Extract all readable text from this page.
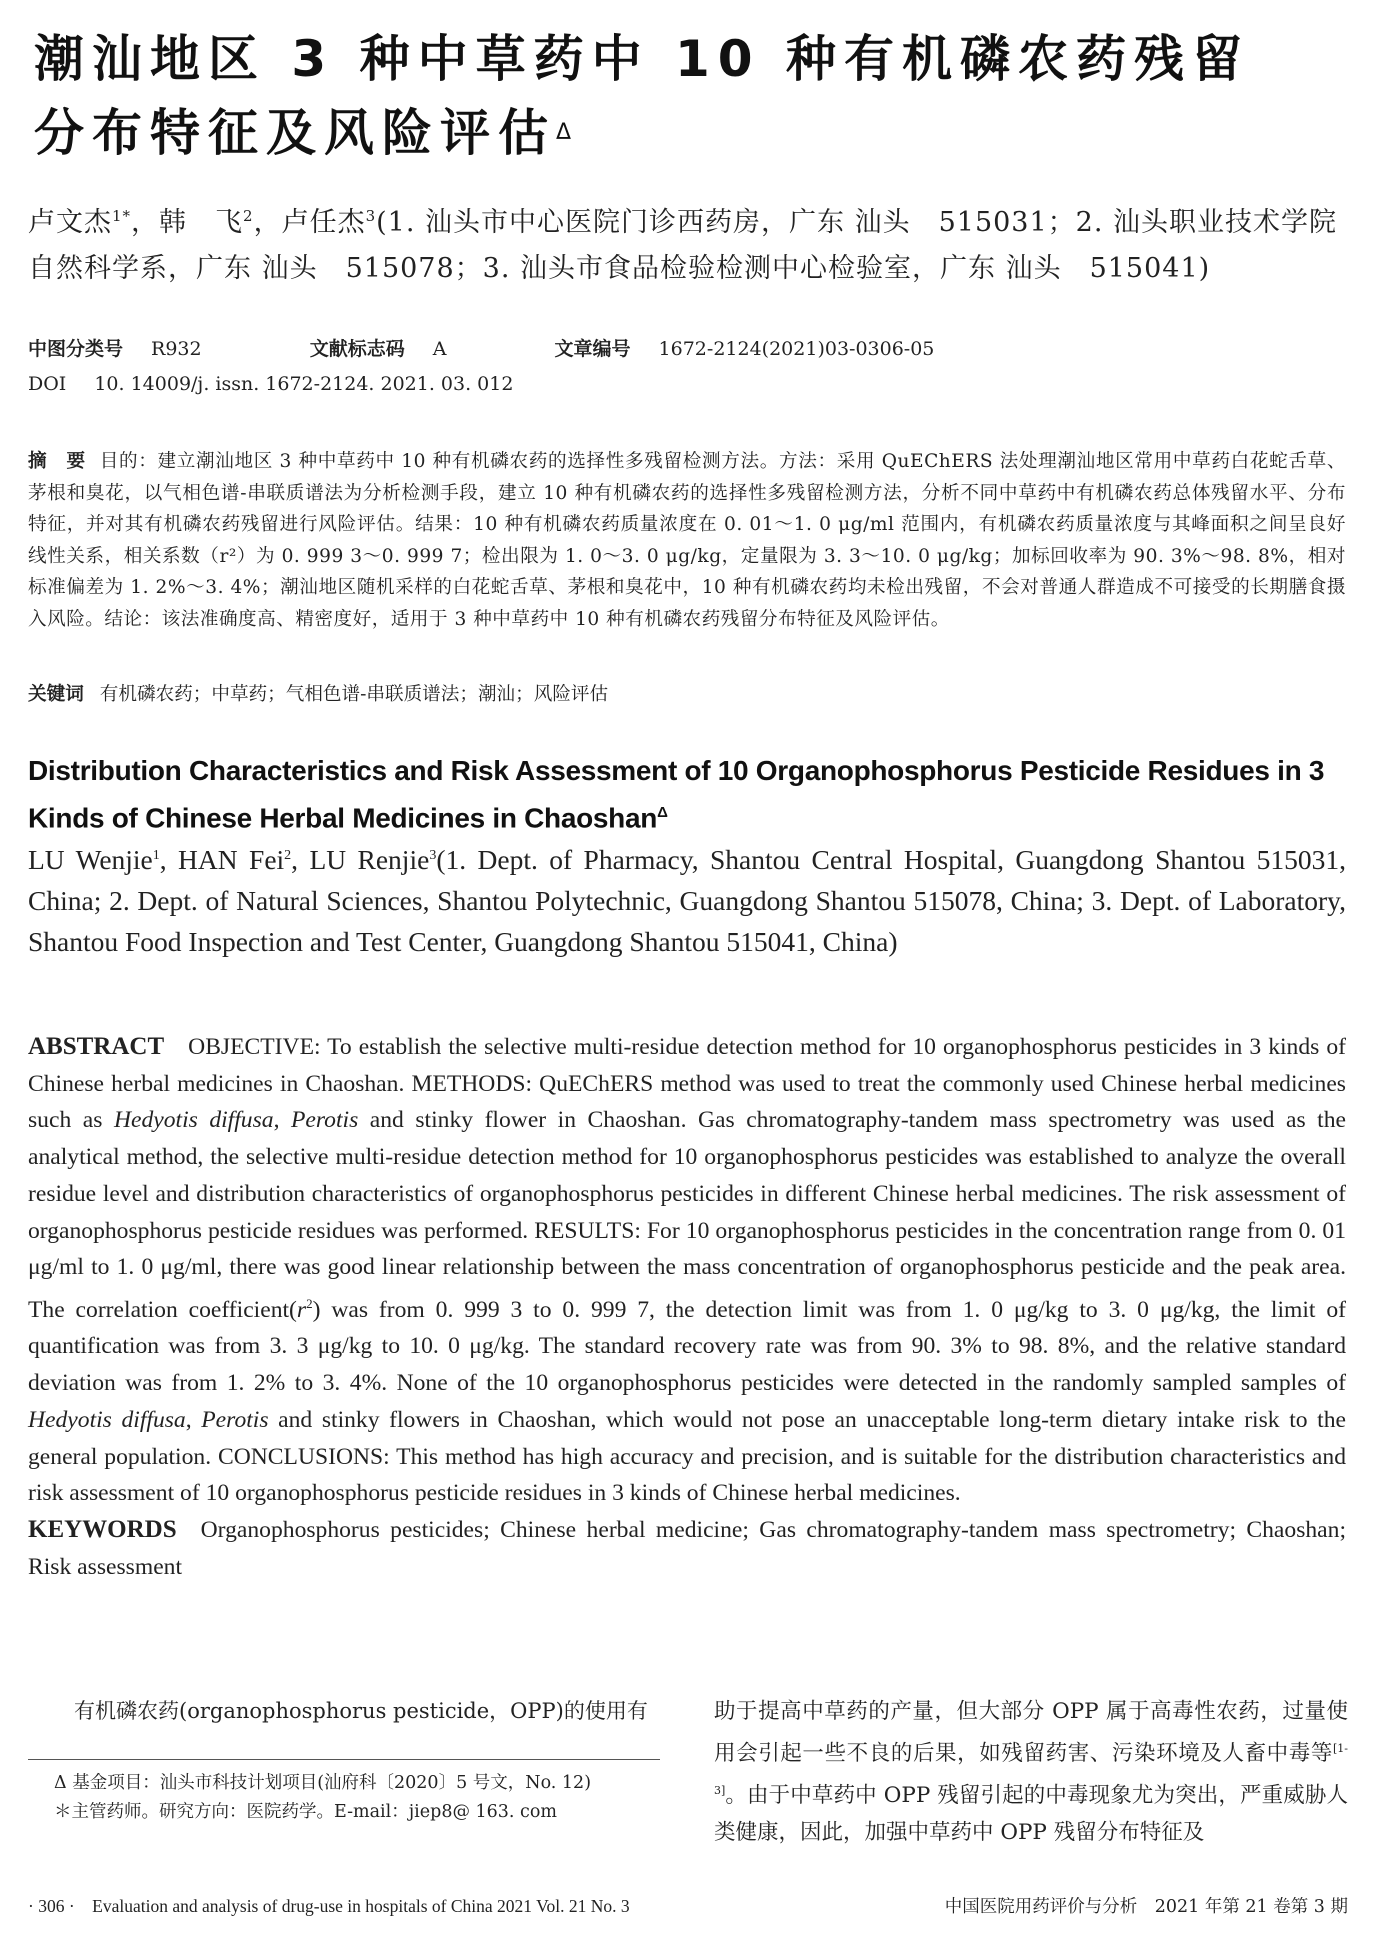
潮汕地区 3 种中草药中 10 种有机磷农药残留
分布特征及风险评估$^\Delta$
卢文杰$^{1*}$，韩　飞$^2$，卢任杰$^3$(1. 汕头市中心医院门诊西药房，广东 汕头　515031；2. 汕头职业技术学院自然科学系，广东 汕头　515078；3. 汕头市食品检验检测中心检验室，广东 汕头　515041)
中图分类号 R932	文献标志码 A	文章编号 1672-2124(2021)03-0306-05
DOI 10. 14009/j. issn. 1672-2124. 2021. 03. 012
摘　要 目的：建立潮汕地区 3 种中草药中 10 种有机磷农药的选择性多残留检测方法。方法：采用 QuEChERS 法处理潮汕地区常用中草药白花蛇舌草、茅根和臭花，以气相色谱-串联质谱法为分析检测手段，建立 10 种有机磷农药的选择性多残留检测方法，分析不同中草药中有机磷农药总体残留水平、分布特征，并对其有机磷农药残留进行风险评估。结果：10 种有机磷农药质量浓度在 0. 01～1. 0 μg/ml 范围内，有机磷农药质量浓度与其峰面积之间呈良好线性关系，相关系数（r²）为 0. 999 3～0. 999 7；检出限为 1. 0～3. 0 μg/kg，定量限为 3. 3～10. 0 μg/kg；加标回收率为 90. 3%～98. 8%，相对标准偏差为 1. 2%～3. 4%；潮汕地区随机采样的白花蛇舌草、茅根和臭花中，10 种有机磷农药均未检出残留，不会对普通人群造成不可接受的长期膳食摄入风险。结论：该法准确度高、精密度好，适用于 3 种中草药中 10 种有机磷农药残留分布特征及风险评估。
关键词 有机磷农药；中草药；气相色谱-串联质谱法；潮汕；风险评估
Distribution Characteristics and Risk Assessment of 10 Organophosphorus Pesticide Residues in 3 Kinds of Chinese Herbal Medicines in Chaoshan$^\Delta$
LU Wenjie$^1$, HAN Fei$^2$, LU Renjie$^3$(1. Dept. of Pharmacy, Shantou Central Hospital, Guangdong Shantou 515031, China; 2. Dept. of Natural Sciences, Shantou Polytechnic, Guangdong Shantou 515078, China; 3. Dept. of Laboratory, Shantou Food Inspection and Test Center, Guangdong Shantou 515041, China)
ABSTRACT OBJECTIVE: To establish the selective multi-residue detection method for 10 organophosphorus pesticides in 3 kinds of Chinese herbal medicines in Chaoshan. METHODS: QuEChERS method was used to treat the commonly used Chinese herbal medicines such as Hedyotis diffusa, Perotis and stinky flower in Chaoshan. Gas chromatography-tandem mass spectrometry was used as the analytical method, the selective multi-residue detection method for 10 organophosphorus pesticides was established to analyze the overall residue level and distribution characteristics of organophosphorus pesticides in different Chinese herbal medicines. The risk assessment of organophosphorus pesticide residues was performed. RESULTS: For 10 organophosphorus pesticides in the concentration range from 0. 01 μg/ml to 1. 0 μg/ml, there was good linear relationship between the mass concentration of organophosphorus pesticide and the peak area. The correlation $coefficient(r^2)$ was from 0. 999 3 to 0. 999 7, the detection limit was from 1. 0 μg/kg to 3. 0 μg/kg, the limit of quantification was from 3. 3 μg/kg to 10. 0 μg/kg. The standard recovery rate was from 90. 3% to 98. 8%, and the relative standard deviation was from 1. 2% to 3. 4%. None of the 10 organophosphorus pesticides were detected in the randomly sampled samples of Hedyotis diffusa, Perotis and stinky flowers in Chaoshan, which would not pose an unacceptable long-term dietary intake risk to the general population. CONCLUSIONS: This method has high accuracy and precision, and is suitable for the distribution characteristics and risk assessment of 10 organophosphorus pesticide residues in 3 kinds of Chinese herbal medicines.
KEYWORDS Organophosphorus pesticides; Chinese herbal medicine; Gas chromatography-tandem mass spectrometry; Chaoshan; Risk assessment
有机磷农药(organophosphorus pesticide，OPP)的使用有
Δ 基金项目：汕头市科技计划项目(汕府科〔2020〕5 号文，No. 12)
＊主管药师。研究方向：医院药学。E-mail：jiep8@ 163. com
助于提高中草药的产量，但大部分 OPP 属于高毒性农药，过量使用会引起一些不良的后果，如残留药害、污染环境及人畜中毒等[1-3]。由于中草药中 OPP 残留引起的中毒现象尤为突出，严重威胁人类健康，因此，加强中草药中 OPP 残留分布特征及
· 306 ·　Evaluation and analysis of drug-use in hospitals of China 2021 Vol. 21 No. 3	中国医院用药评价与分析　2021 年第 21 卷第 3 期
